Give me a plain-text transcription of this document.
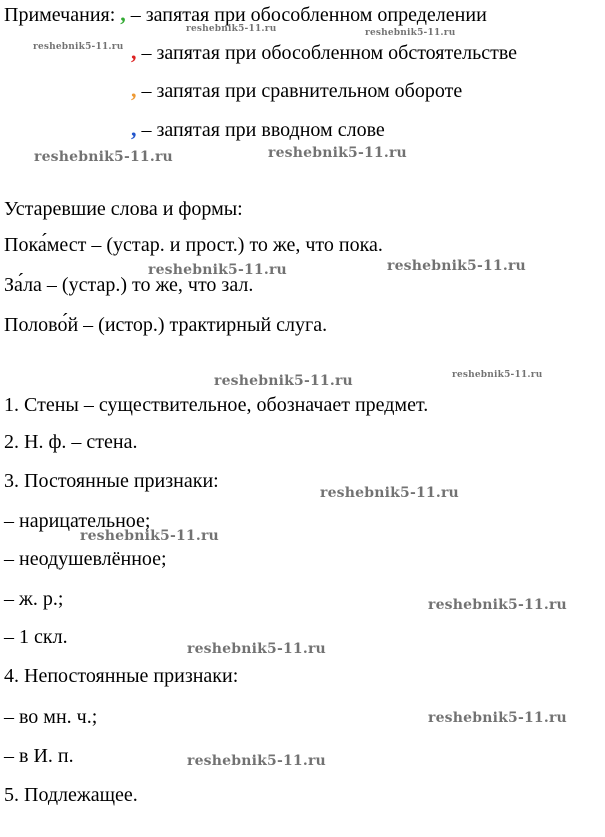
Примечания: , – запятая при обособленном определении
, – запятая при обособленном обстоятельстве
, – запятая при сравнительном обороте
, – запятая при вводном слове
Устаревшие слова и формы:
Пока́мест – (устар. и прост.) то же, что пока.
За́ла – (устар.) то же, что зал.
Полово́й – (истор.) трактирный слуга.
1. Стены – существительное, обозначает предмет.
2. Н. ф. – стена.
3. Постоянные признаки:
– нарицательное;
– неодушевлённое;
– ж. р.;
– 1 скл.
4. Непостоянные признаки:
– во мн. ч.;
– в И. п.
5. Подлежащее.
reshebnik5-11.ru	reshebnik5-11.ru
reshebnik5-11.ru
reshebnik5-11.ru	reshebnik5-11.ru
reshebnik5-11.ru	reshebnik5-11.ru
reshebnik5-11.ru
reshebnik5-11.ru
reshebnik5-11.ru
reshebnik5-11.ru
reshebnik5-11.ru
reshebnik5-11.ru
reshebnik5-11.ru
reshebnik5-11.ru
